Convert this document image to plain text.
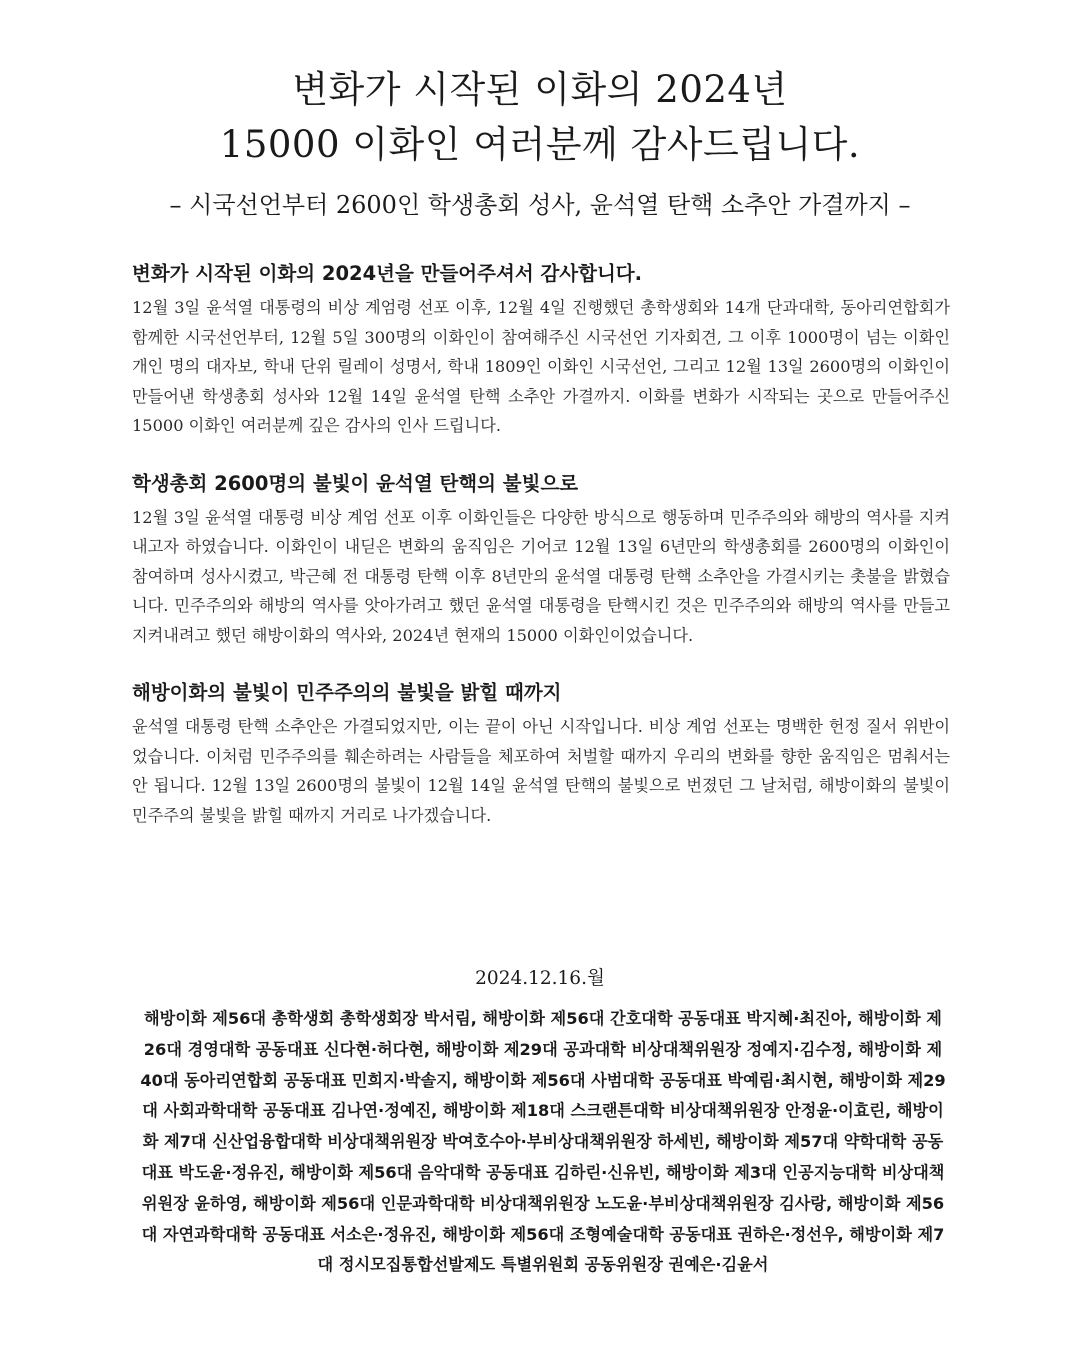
변화가 시작된 이화의 2024년
15000 이화인 여러분께 감사드립니다.

– 시국선언부터 2600인 학생총회 성사, 윤석열 탄핵 소추안 가결까지 –

변화가 시작된 이화의 2024년을 만들어주셔서 감사합니다.

12월 3일 윤석열 대통령의 비상 계엄령 선포 이후, 12월 4일 진행했던 총학생회와 14개 단과대학, 동아리연합회가 함께한 시국선언부터, 12월 5일 300명의 이화인이 참여해주신 시국선언 기자회견, 그 이후 1000명이 넘는 이화인 개인 명의 대자보, 학내 단위 릴레이 성명서, 학내 1809인 이화인 시국선언, 그리고 12월 13일 2600명의 이화인이 만들어낸 학생총회 성사와 12월 14일 윤석열 탄핵 소추안 가결까지. 이화를 변화가 시작되는 곳으로 만들어주신 15000 이화인 여러분께 깊은 감사의 인사 드립니다.

학생총회 2600명의 불빛이 윤석열 탄핵의 불빛으로

12월 3일 윤석열 대통령 비상 계엄 선포 이후 이화인들은 다양한 방식으로 행동하며 민주주의와 해방의 역사를 지켜내고자 하였습니다. 이화인이 내딛은 변화의 움직임은 기어코 12월 13일 6년만의 학생총회를 2600명의 이화인이 참여하며 성사시켰고, 박근혜 전 대통령 탄핵 이후 8년만의 윤석열 대통령 탄핵 소추안을 가결시키는 촛불을 밝혔습니다. 민주주의와 해방의 역사를 앗아가려고 했던 윤석열 대통령을 탄핵시킨 것은 민주주의와 해방의 역사를 만들고 지켜내려고 했던 해방이화의 역사와, 2024년 현재의 15000 이화인이었습니다.

해방이화의 불빛이 민주주의의 불빛을 밝힐 때까지

윤석열 대통령 탄핵 소추안은 가결되었지만, 이는 끝이 아닌 시작입니다. 비상 계엄 선포는 명백한 헌정 질서 위반이었습니다. 이처럼 민주주의를 훼손하려는 사람들을 체포하여 처벌할 때까지 우리의 변화를 향한 움직임은 멈춰서는 안 됩니다. 12월 13일 2600명의 불빛이 12월 14일 윤석열 탄핵의 불빛으로 번졌던 그 날처럼, 해방이화의 불빛이 민주주의 불빛을 밝힐 때까지 거리로 나가겠습니다.

2024.12.16.월

해방이화 제56대 총학생회 총학생회장 박서림, 해방이화 제56대 간호대학 공동대표 박지혜·최진아, 해방이화 제26대 경영대학 공동대표 신다현·허다현, 해방이화 제29대 공과대학 비상대책위원장 정예지·김수정, 해방이화 제40대 동아리연합회 공동대표 민희지·박솔지, 해방이화 제56대 사범대학 공동대표 박예림·최시현, 해방이화 제29대 사회과학대학 공동대표 김나연·정예진, 해방이화 제18대 스크랜튼대학 비상대책위원장 안정윤·이효린, 해방이화 제7대 신산업융합대학 비상대책위원장 박여호수아·부비상대책위원장 하세빈, 해방이화 제57대 약학대학 공동대표 박도윤·정유진, 해방이화 제56대 음악대학 공동대표 김하린·신유빈, 해방이화 제3대 인공지능대학 비상대책위원장 윤하영, 해방이화 제56대 인문과학대학 비상대책위원장 노도윤·부비상대책위원장 김사랑, 해방이화 제56대 자연과학대학 공동대표 서소은·정유진, 해방이화 제56대 조형예술대학 공동대표 권하은·정선우, 해방이화 제7대 정시모집통합선발제도 특별위원회 공동위원장 권예은·김윤서
